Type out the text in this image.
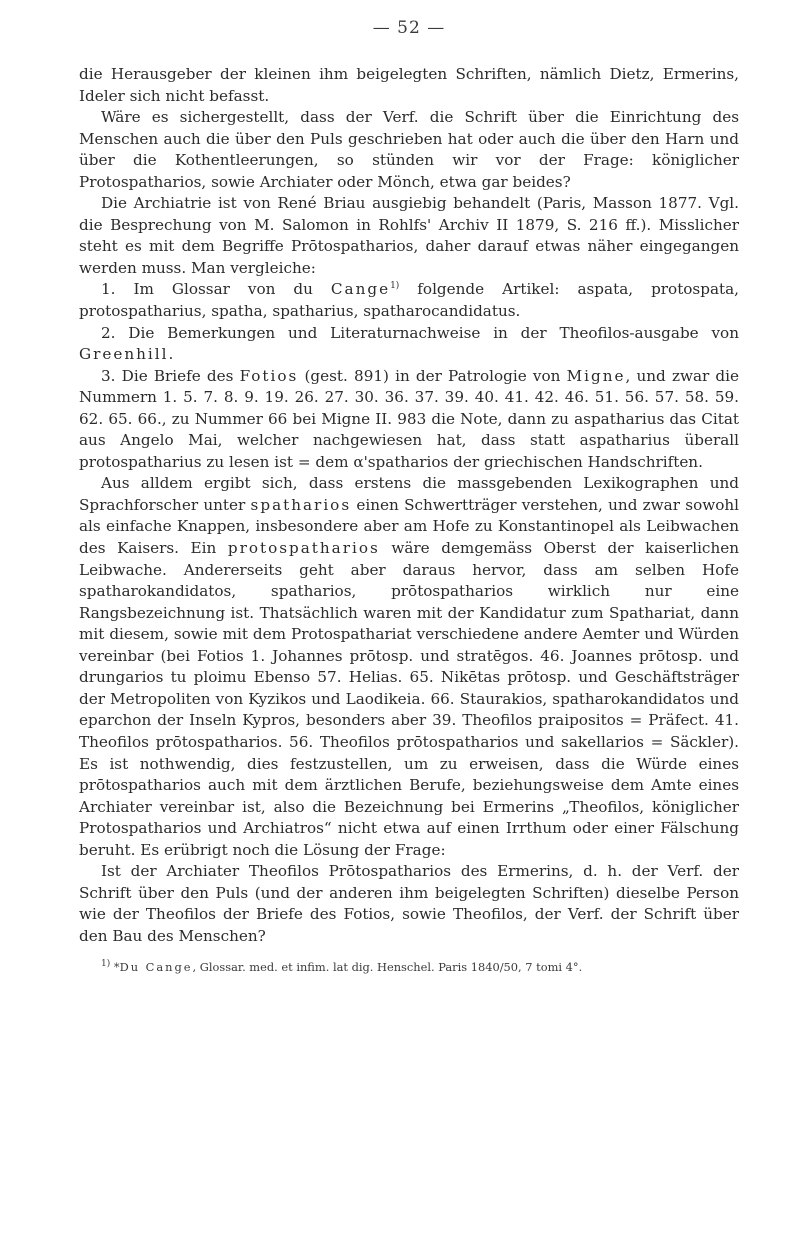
— 52 —

die Herausgeber der kleinen ihm beigelegten Schriften, nämlich Dietz, Ermerins, Ideler sich nicht befasst.

Wäre es sichergestellt, dass der Verf. die Schrift über die Einrichtung des Menschen auch die über den Puls geschrieben hat oder auch die über den Harn und über die Kothentleerungen, so stünden wir vor der Frage: königlicher Protospatharios, sowie Archiater oder Mönch, etwa gar beides?

Die Archiatrie ist von René Briau ausgiebig behandelt (Paris, Masson 1877. Vgl. die Besprechung von M. Salomon in Rohlfs' Archiv II 1879, S. 216 ff.). Misslicher steht es mit dem Begriffe Prōtospatharios, daher darauf etwas näher eingegangen werden muss. Man vergleiche:

1. Im Glossar von du Cange$^{1)}$ folgende Artikel: aspata, protospata, protospatharius, spatha, spatharius, spatharocandidatus.

2. Die Bemerkungen und Literaturnachweise in der Theofilos-ausgabe von Greenhill.

3. Die Briefe des Fotios (gest. 891) in der Patrologie von Migne, und zwar die Nummern 1. 5. 7. 8. 9. 19. 26. 27. 30. 36. 37. 39. 40. 41. 42. 46. 51. 56. 57. 58. 59. 62. 65. 66., zu Nummer 66 bei Migne II. 983 die Note, dann zu aspatharius das Citat aus Angelo Mai, welcher nachgewiesen hat, dass statt aspatharius überall protospatharius zu lesen ist = dem α'spatharios der griechischen Handschriften.

Aus alldem ergibt sich, dass erstens die massgebenden Lexikographen und Sprachforscher unter spatharios einen Schwertträger verstehen, und zwar sowohl als einfache Knappen, insbesondere aber am Hofe zu Konstantinopel als Leibwachen des Kaisers. Ein protospatharios wäre demgemäss Oberst der kaiserlichen Leibwache. Andererseits geht aber daraus hervor, dass am selben Hofe spatharokandidatos, spatharios, prōtospatharios wirklich nur eine Rangsbezeichnung ist. Thatsächlich waren mit der Kandidatur zum Spathariat, dann mit diesem, sowie mit dem Protospathariat verschiedene andere Aemter und Würden vereinbar (bei Fotios 1. Johannes prōtosp. und stratēgos. 46. Joannes prōtosp. und drungarios tu ploimu Ebenso 57. Helias. 65. Nikētas prōtosp. und Geschäftsträger der Metropoliten von Kyzikos und Laodikeia. 66. Staurakios, spatharokandidatos und eparchon der Inseln Kypros, besonders aber 39. Theofilos praipositos = Präfect. 41. Theofilos prōtospatharios. 56. Theofilos prōtospatharios und sakellarios = Säckler). Es ist nothwendig, dies festzustellen, um zu erweisen, dass die Würde eines prōtospatharios auch mit dem ärztlichen Berufe, beziehungsweise dem Amte eines Archiater vereinbar ist, also die Bezeichnung bei Ermerins „Theofilos, königlicher Protospatharios und Archiatros“ nicht etwa auf einen Irrthum oder einer Fälschung beruht. Es erübrigt noch die Lösung der Frage:

Ist der Archiater Theofilos Prōtospatharios des Ermerins, d. h. der Verf. der Schrift über den Puls (und der anderen ihm beigelegten Schriften) dieselbe Person wie der Theofilos der Briefe des Fotios, sowie Theofilos, der Verf. der Schrift über den Bau des Menschen?

$^{1)}$ *Du Cange, Glossar. med. et infim. lat dig. Henschel. Paris 1840/50, 7 tomi 4°.
